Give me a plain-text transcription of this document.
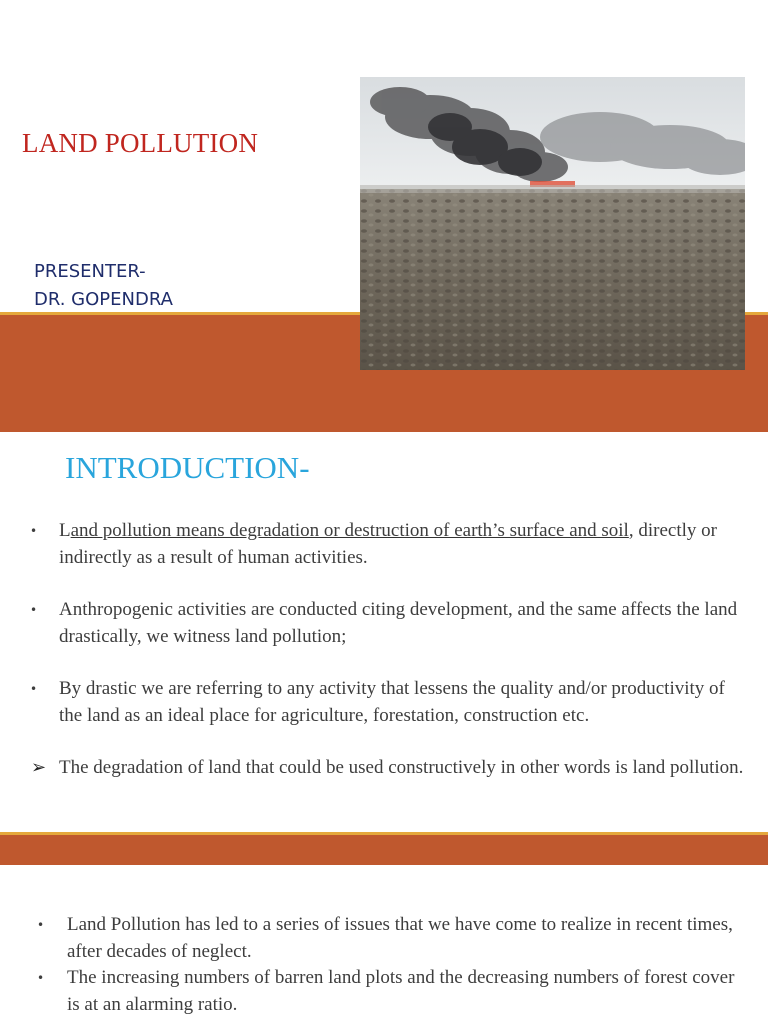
LAND POLLUTION
PRESENTER-
DR. GOPENDRA
INTRODUCTION-
• Land pollution means degradation or destruction of earth’s surface and soil, directly or indirectly as a result of human activities.
• Anthropogenic activities are conducted citing development, and the same affects the land drastically, we witness land pollution;
• By drastic we are referring to any activity that lessens the quality and/or productivity of the land as an ideal place for agriculture, forestation, construction etc.
➢ The degradation of land that could be used constructively in other words is land pollution.
• Land Pollution has led to a series of issues that we have come to realize in recent times, after decades of neglect.
• The increasing numbers of barren land plots and the decreasing numbers of forest cover is at an alarming ratio.
